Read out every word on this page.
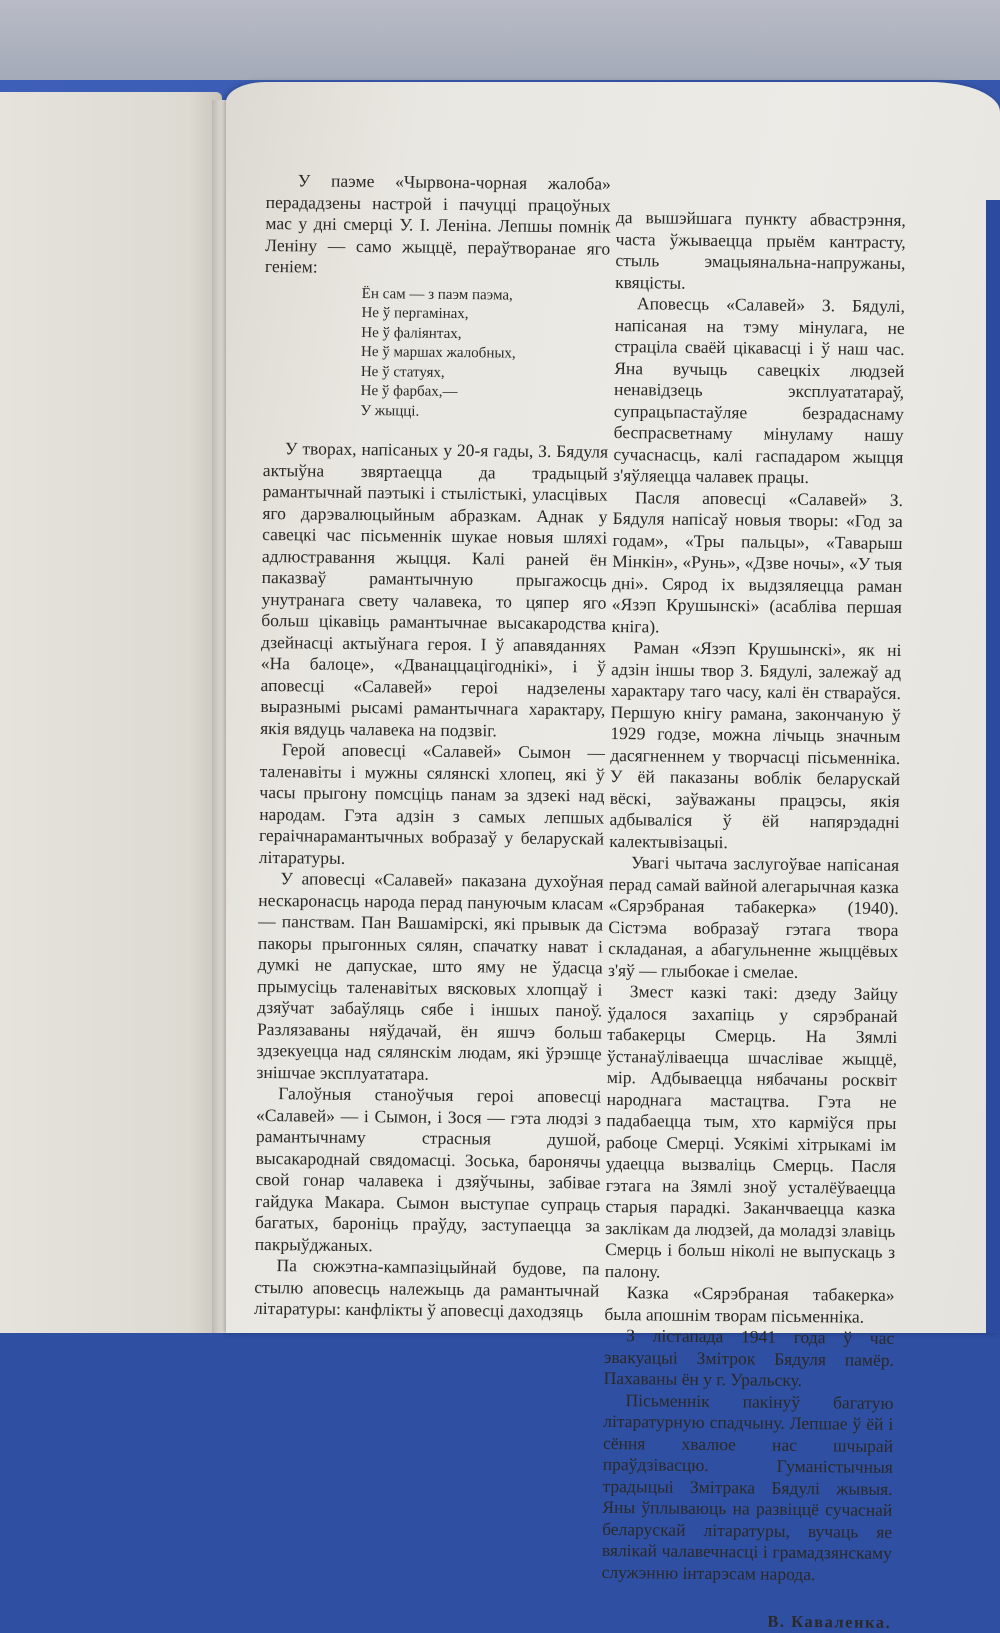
У паэме «Чырвона-чорная жалоба» перададзены настрой і пачуцці працоўных мас у дні смерці У. І. Леніна. Лепшы помнік Леніну — само жыццё, пераўтворанае яго геніем:

Ён сам — з паэм паэма,
Не ў пергамінах,
Не ў фаліянтах,
Не ў маршах жалобных,
Не ў статуях,
Не ў фарбах,—
У жыцці.

У творах, напісаных у 20-я гады, З. Бядуля актыўна звяртаецца да традыцый рамантычнай паэтыкі і стылістыкі, уласцівых яго дарэвалюцыйным абразкам. Аднак у савецкі час пісьменнік шукае новыя шляхі адлюстравання жыцця. Калі раней ён паказваў рамантычную прыгажосць унутранага свету чалавека, то цяпер яго больш цікавіць рамантычнае высакародства дзейнасці актыўнага героя. І ў апавяданнях «На балоце», «Дванаццацігоднікі», і ў аповесці «Салавей» героі надзелены выразнымі рысамі рамантычнага характару, якія вядуць чалавека на подзвіг.

Герой аповесці «Салавей» Сымон — таленавіты і мужны сялянскі хлопец, які ў часы прыгону помсціць панам за здзекі над народам. Гэта адзін з самых лепшых гераічнарамантычных вобразаў у беларускай літаратуры.

У аповесці «Салавей» паказана духоўная нескаронасць народа перад пануючым класам — панствам. Пан Вашамірскі, які прывык да пакоры прыгонных сялян, спачатку нават і думкі не дапускае, што яму не ўдасца прымусіць таленавітых вясковых хлопцаў і дзяўчат забаўляць сябе і іншых паноў. Разлязаваны няўдачай, ён яшчэ больш здзекуецца над сялянскім людам, які ўрэшце знішчае эксплуататара.

Галоўныя станоўчыя героі аповесці «Салавей» — і Сымон, і Зося — гэта людзі з рамантычнаму страсныя душой, высакароднай свядомасці. Зоська, баронячы свой гонар чалавека і дзяўчыны, забівае гайдука Макара. Сымон выступае супраць багатых, бароніць праўду, заступаецца за пакрыўджаных.

Па сюжэтна-кампазіцыйнай будове, па стылю аповесць належыць да рамантычнай літаратуры: канфлікты ў аповесці даходзяць

да вышэйшага пункту абвастрэння, часта ўжываецца прыём кантрасту, стыль эмацыянальна-напружаны, квяцісты.

Аповесць «Салавей» З. Бядулі, напісаная на тэму мінулага, не страціла сваёй цікавасці і ў наш час. Яна вучыць савецкіх людзей ненавідзець эксплуататараў, супрацьпастаўляе безрадаснаму беспрасветнаму мінуламу нашу сучаснасць, калі гаспадаром жыцця з'яўляецца чалавек працы.

Пасля аповесці «Салавей» З. Бядуля напісаў новыя творы: «Год за годам», «Тры пальцы», «Таварыш Мінкін», «Рунь», «Дзве ночы», «У тыя дні». Сярод іх выдзяляецца раман «Язэп Крушынскі» (асабліва першая кніга).

Раман «Язэп Крушынскі», як ні адзін іншы твор З. Бядулі, залежаў ад характару таго часу, калі ён ствараўся. Першую кнігу рамана, закончаную ў 1929 годзе, можна лічыць значным дасягненнем у творчасці пісьменніка. У ёй паказаны воблік беларускай вёскі, заўважаны працэсы, якія адбываліся ў ёй напярэдадні калектывізацыі.

Увагі чытача заслугоўвае напісаная перад самай вайной алегарычная казка «Сярэбраная табакерка» (1940). Сістэма вобразаў гэтага твора складаная, а абагульненне жыццёвых з'яў — глыбокае і смелае.

Змест казкі такі: дзеду Зайцу ўдалося захапіць у сярэбранай табакерцы Смерць. На Зямлі ўстанаўліваецца шчаслівае жыццё, мір. Адбываецца нябачаны росквіт народнага мастацтва. Гэта не падабаецца тым, хто карміўся пры рабоце Смерці. Усякімі хітрыкамі ім удаецца вызваліць Смерць. Пасля гэтага на Зямлі зноў усталёўваецца старыя парадкі. Заканчваецца казка заклікам да людзей, да моладзі злавіць Смерць і больш ніколі не выпускаць з палону.

Казка «Сярэбраная табакерка» была апошнім творам пісьменніка.

З лістапада 1941 года ў час эвакуацыі Змітрок Бядуля памёр. Пахаваны ён у г. Уральску.

Пісьменнік пакінуў багатую літаратурную спадчыну. Лепшае ў ёй і сёння хвалюе нас шчырай праўдзівасцю. Гуманістычныя традыцыі Змітрака Бядулі жывыя. Яны ўплываюць на развіццё сучаснай беларускай літаратуры, вучаць яе вялікай чалавечнасці і грамадзянскаму служэнню інтарэсам народа.

В. Каваленка.
